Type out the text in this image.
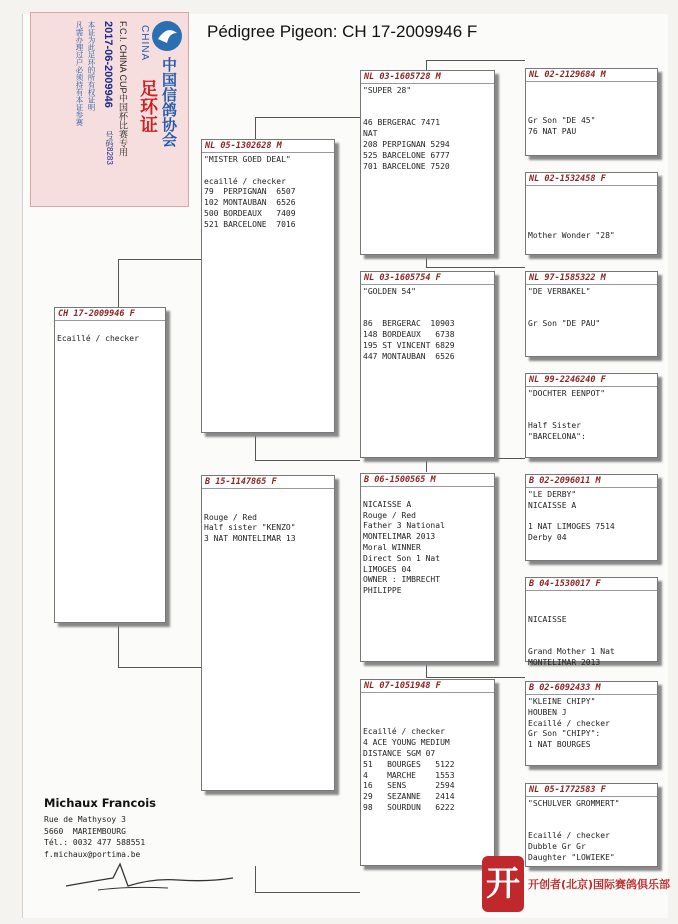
中国信鸽协会
CHINA
足环证
F.C.I. CHINA CUP中国杯比赛专用
2017-06-2009946
号码8283
本证为此足环的所有权证明
凡需办理过户必须持有本证参赛	Pédigree Pigeon: CH 17-2009946 F
CH 17-2009946 F

Ecaillé / checker
NL 05-1302628 M
"MISTER GOED DEAL"

ecaillé / checker
79  PERPIGNAN  6507
102 MONTAUBAN  6526
500 BORDEAUX   7409
521 BARCELONE  7016
B 15-1147865 F

Rouge / Red
Half sister "KENZO"
3 NAT MONTELIMAR 13
NL 03-1605728 M
"SUPER 28"

46 BERGERAC 7471
NAT
208 PERPIGNAN 5294
525 BARCELONE 6777
701 BARCELONE 7520
NL 03-1605754 F
"GOLDEN 54"

86  BERGERAC  10903
148 BORDEAUX   6738
195 ST VINCENT 6829
447 MONTAUBAN  6526
B 06-1500565 M

NICAISSE A
Rouge / Red
Father 3 National
MONTELIMAR 2013
Moral WINNER
Direct Son 1 Nat
LIMOGES 04
OWNER : IMBRECHT
PHILIPPE
NL 07-1051948 F

Ecaillé / checker
4 ACE YOUNG MEDIUM
DISTANCE SGM 07
51   BOURGES   5122
4    MARCHE    1553
16   SENS      2594
29   SEZANNE   2414
98   SOURDUN   6222
NL 02-2129684 M

Gr Son "DE 45"
76 NAT PAU
NL 02-1532458 F

Mother Wonder "28"
NL 97-1585322 M
"DE VERBAKEL"

Gr Son "DE PAU"
NL 99-2246240 F
"DOCHTER EENPOT"

Half Sister
"BARCELONA":
B 02-2096011 M
"LE DERBY"
NICAISSE A

1 NAT LIMOGES 7514
Derby 04
B 04-1530017 F

NICAISSE

Grand Mother 1 Nat
MONTELIMAR 2013
B 02-6092433 M
"KLEINE CHIPY"
HOUBEN J
Ecaillé / checker
Gr Son "CHIPY":
1 NAT BOURGES
NL 05-1772583 F
"SCHULVER GROMMERT"

Ecaillé / checker
Dubble Gr Gr
Daughter "LOWIEKE"
Michaux Francois
Rue de Mathysoy 3
5660  MARIEMBOURG
Tél.: 0032 477 588551
f.michaux@portima.be
开 开创者(北京)国际赛鸽俱乐部
